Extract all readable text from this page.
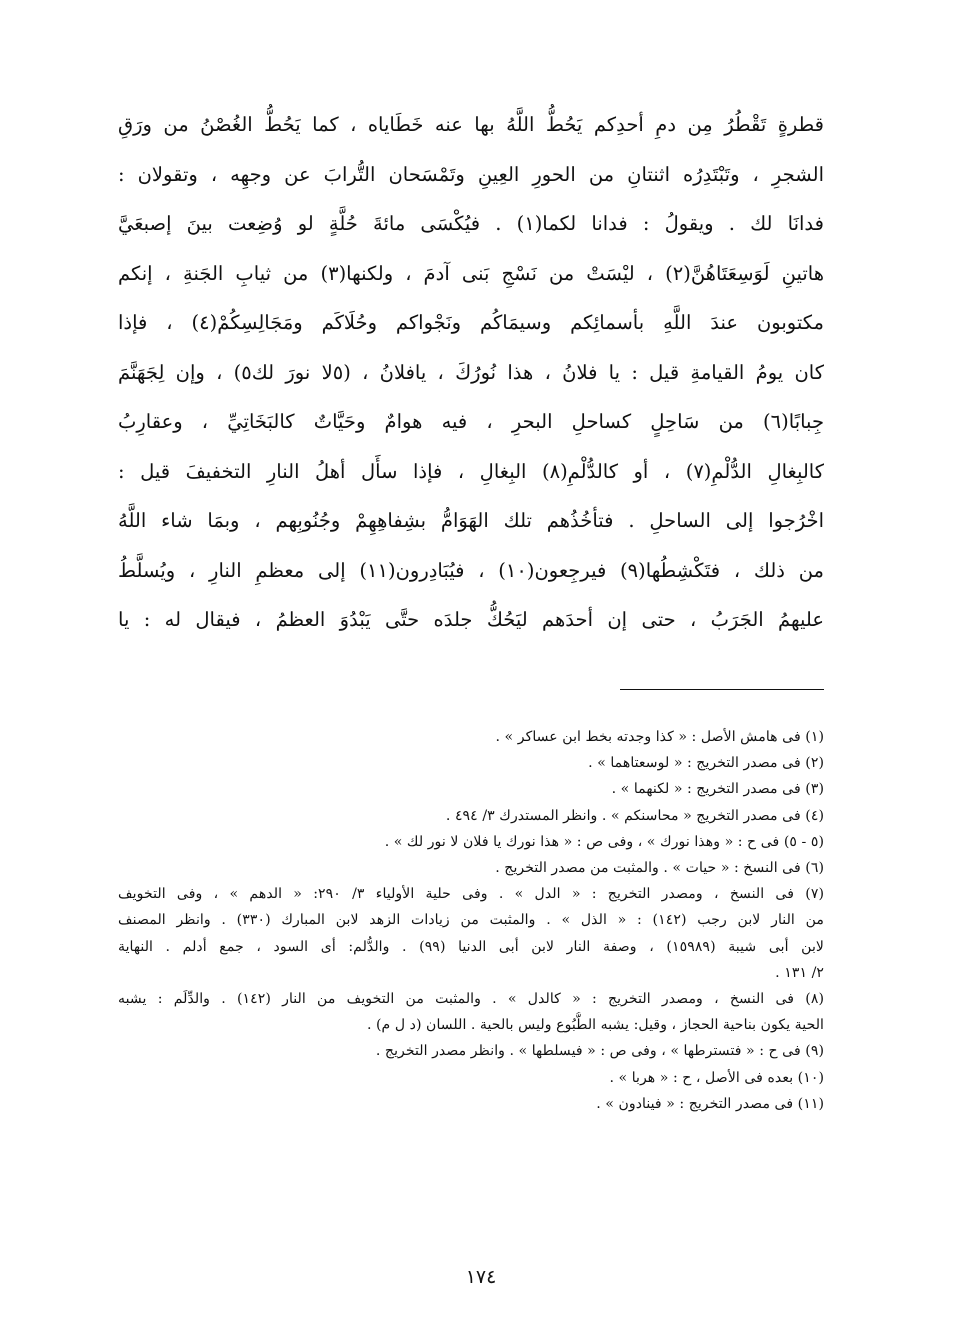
قطرةٍ تَقْطُرُ مِن دمِ أحدِكم يَحُطُّ اللَّهُ بها عنه خَطَاياه ، كما يَحُطُّ الغُصْنُ من ورَقِ
الشجرِ ، وتَبْتَدِرُه اثنتانِ من الحورِ العِينِ وتَمْسَحان التُّرابَ عن وجهِه ، وتقولان :
فدانَا لك . ويقولُ : فدانا لكما(١) . فيُكْسَى مائةَ حُلَّةٍ لو وُضِعت بينَ إصبعَيَّ
هاتينِ لَوَسِعَتَاهُنَّ(٢) ، ليْسَتْ من نَسْجِ بَنى آدمَ ، ولكنها(٣) من ثيابِ الجَنةِ ، إنكم
مكتوبون عندَ اللَّهِ بأسمائِكم وسيمَاكُم ونَجْواكم وحُلَاكَم ومَجَالِسِكُمْ(٤) ، فإذا
كان يومُ القيامةِ قيل : يا فلانُ ، هذا نُورُكَ ، يافلانُ ، (٥لا نورَ لك٥) ، وإن لِجَهَنَّمَ
جِبابًا(٦) من سَاحِلٍ كساحلِ البحرِ ، فيه هوامٌ وحَيَّاتٌ كالبَخَاتِيِّ ، وعقارِبُ
كالبِغالِ الدُّلْمِ(٧) ، أو كالدُّلْمِ(٨) البِغالِ ، فإذا سأَل أهلُ النارِ التخفيفَ قيل :
اخْرُجوا إلى الساحلِ . فتأخُذُهم تلك الهَوَامُّ بشِفاهِهِمْ وجُنُوبِهم ، وبمَا شاء اللَّهُ
من ذلك ، فتَكْشِطُها(٩) فيرجِعون(١٠) ، فيُبَادِرون(١١) إلى معظمِ النارِ ، ويُسلَّطُ
عليهمُ الجَرَبُ ، حتى إن أحدَهم ليَحُكُّ جلدَه حتَّى يَبْدُوَ العظمُ ، فيقال له : يا
(١) فى هامش الأصل : « كذا وجدته بخط ابن عساكر » .
(٢) فى مصدر التخريج : « لوسعتاهما » .
(٣) فى مصدر التخريج : « لكنهما » .
(٤) فى مصدر التخريج « محاسنكم » . وانظر المستدرك ٣/ ٤٩٤ .
(٥ - ٥) فى ح : « وهذا نورك » ، وفى ص : « هذا نورك يا فلان لا نور لك » .
(٦) فى النسخ : « حيات » . والمثبت من مصدر التخريج .
(٧) فى النسخ ، ومصدر التخريج : « الدل » . وفى حلية الأولياء ٣/ ٢٩٠: « الدهم » ، وفى التخويف
من النار لابن رجب (١٤٢) : « الذل » . والمثبت من زيادات الزهد لابن المبارك (٣٣٠) . وانظر المصنف
لابن أبى شيبة (١٥٩٨٩) ، وصفة النار لابن أبى الدنيا (٩٩) . والدُّلم: أى السود ، جمع أدلم . النهاية
٢/ ١٣١ .
(٨) فى النسخ ، ومصدر التخريج : « كالدل » . والمثبت من التخويف من النار (١٤٢) . والدِّلَم : يشبه
الحية يكون بناحية الحجاز ، وقيل: يشبه الطُّبُوع وليس بالحية . اللسان (د ل م) .
(٩) فى ح : « فتسترطها » ، وفى ص : « فيسلطها » . وانظر مصدر التخريج .
(١٠) بعده فى الأصل ، ح : « هربا » .
(١١) فى مصدر التخريج : « فينادون » .
١٧٤
